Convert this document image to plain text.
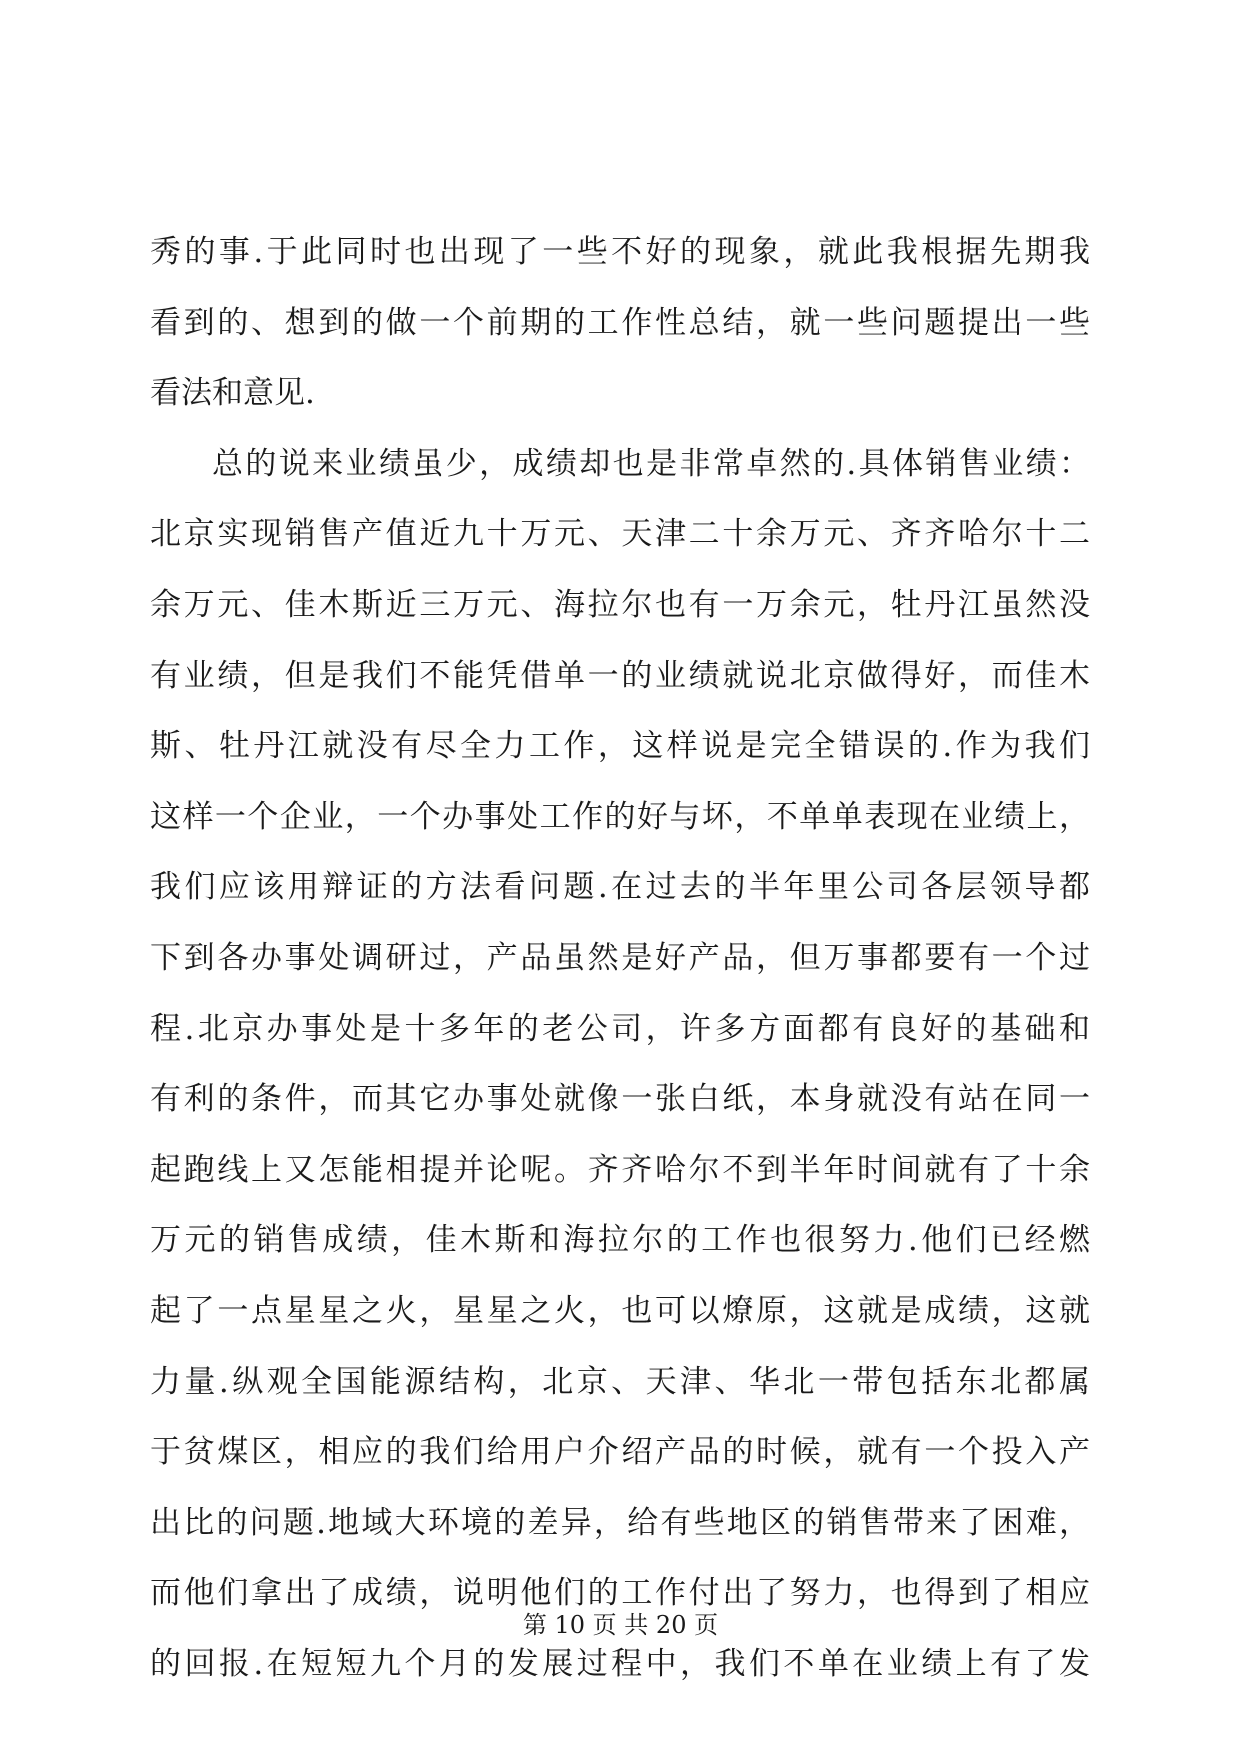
秀的事.于此同时也出现了一些不好的现象，就此我根据先期我
看到的、想到的做一个前期的工作性总结，就一些问题提出一些
看法和意见.
总的说来业绩虽少，成绩却也是非常卓然的.具体销售业绩：
北京实现销售产值近九十万元、天津二十余万元、齐齐哈尔十二
余万元、佳木斯近三万元、海拉尔也有一万余元，牡丹江虽然没
有业绩，但是我们不能凭借单一的业绩就说北京做得好，而佳木
斯、牡丹江就没有尽全力工作，这样说是完全错误的.作为我们
这样一个企业，一个办事处工作的好与坏，不单单表现在业绩上，
我们应该用辩证的方法看问题.在过去的半年里公司各层领导都
下到各办事处调研过，产品虽然是好产品，但万事都要有一个过
程.北京办事处是十多年的老公司，许多方面都有良好的基础和
有利的条件，而其它办事处就像一张白纸，本身就没有站在同一
起跑线上又怎能相提并论呢。齐齐哈尔不到半年时间就有了十余
万元的销售成绩，佳木斯和海拉尔的工作也很努力.他们已经燃
起了一点星星之火，星星之火，也可以燎原，这就是成绩，这就
力量.纵观全国能源结构，北京、天津、华北一带包括东北都属
于贫煤区，相应的我们给用户介绍产品的时候，就有一个投入产
出比的问题.地域大环境的差异，给有些地区的销售带来了困难，
而他们拿出了成绩，说明他们的工作付出了努力，也得到了相应
的回报.在短短九个月的发展过程中，我们不单在业绩上有了发
第 10 页 共 20 页
